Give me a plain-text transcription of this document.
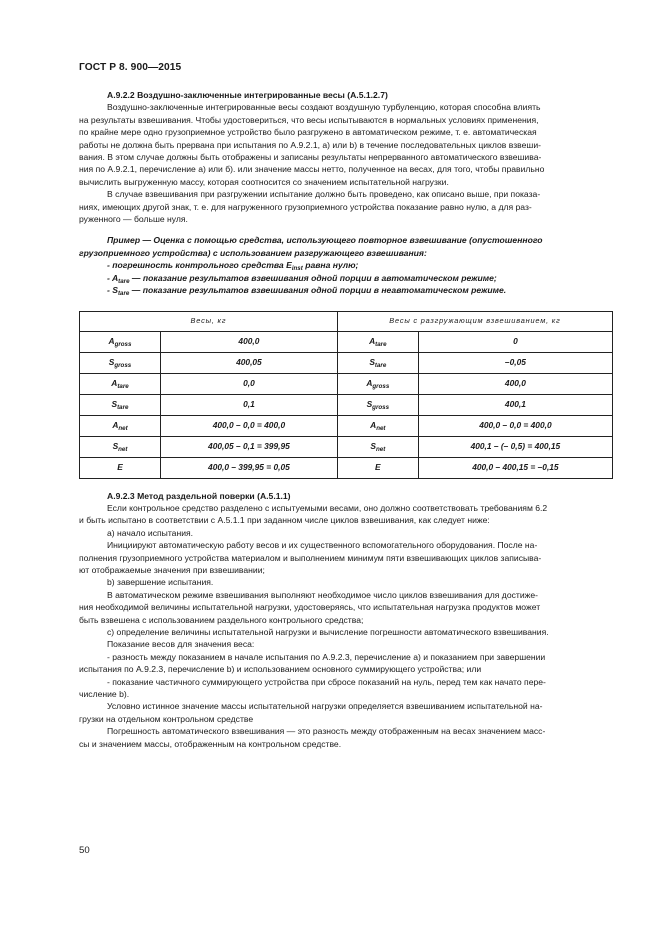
ГОСТ Р 8. 900—2015

А.9.2.2 Воздушно-заключенные интегрированные весы (А.5.1.2.7)

Воздушно-заключенные интегрированные весы создают воздушную турбуленцию, которая способна влиять

на результаты взвешивания. Чтобы удостовериться, что весы испытываются в нормальных условиях применения,

по крайне мере одно грузоприемное устройство было разгружено в автоматическом режиме, т. е. автоматическая

работы не должна быть прервана при испытания по А.9.2.1, а) или b) в течение последовательных циклов взвеши-

вания. В этом случае должны быть отображены и записаны результаты непрерванного автоматического взвешива-

ния по А.9.2.1, перечисление а) или б). или значение массы нетто, полученное на весах, для того, чтобы правильно

вычислить выгруженную массу, которая соотносится со значением испытательной нагрузки.

В случае взвешивания при разгружении испытание должно быть проведено, как описано выше, при показа-

ниях, имеющих другой знак, т. е. для нагруженного грузоприемного устройства показание равно нулю, а для раз-

руженного — больше нуля.

Пример — Оценка с помощью средства, использующего повторное взвешивание (опустошенного

грузоприемного устройства) с использованием разгружающего взвешивания:

- погрешность контрольного средства $E_{inst}$ равна нулю;

- $A_{tare}$ — показание результатов взвешивания одной порции в автоматическом режиме;

- $S_{tare}$ — показание результатов взвешивания одной порции в неавтоматическом режиме.

Весы, кг		Весы с разгружающим взвешиванием, кг	
$A_{gross}$	400,0	$A_{tare}$	0
$S_{gross}$	400,05	$S_{tare}$	–0,05
$A_{tare}$	0,0	$A_{gross}$	400,0
$S_{tare}$	0,1	$S_{gross}$	400,1
$A_{net}$	400,0 – 0,0 = 400,0	$A_{net}$	400,0 – 0,0 = 400,0
$S_{net}$	400,05 – 0,1 = 399,95	$S_{net}$	400,1 – (– 0,5) = 400,15
E	400,0 – 399,95 = 0,05	E	400,0 – 400,15 = –0,15

А.9.2.3 Метод раздельной поверки (А.5.1.1)

Если контрольное средство разделено с испытуемыми весами, оно должно соответствовать требованиям 6.2

и быть испытано в соответствии с А.5.1.1 при заданном числе циклов взвешивания, как следует ниже:

а) начало испытания.

Инициируют автоматическую работу весов и их существенного вспомогательного оборудования. После на-

полнения грузоприемного устройства материалом и выполнением минимум пяти взвешивающих циклов записыва-

ют отображаемые значения при взвешивании;

b) завершение испытания.

В автоматическом режиме взвешивания выполняют необходимое число циклов взвешивания для достиже-

ния необходимой величины испытательной нагрузки, удостоверяясь, что испытательная нагрузка продуктов может

быть взвешена с использованием раздельного контрольного средства;

с) определение величины испытательной нагрузки и вычисление погрешности автоматического взвешивания.

Показание весов для значения веса:

- разность между показанием в начале испытания по А.9.2.3, перечисление а) и показанием при завершении

испытания по А.9.2.3, перечисление b) и использованием основного суммирующего устройства; или

- показание частичного суммирующего устройства при сбросе показаний на нуль, перед тем как начато пере-

числение b).

Условно истинное значение массы испытательной нагрузки определяется взвешиванием испытательной на-

грузки на отдельном контрольном средстве

Погрешность автоматического взвешивания — это разность между отображенным на весах значением масс-

сы и значением массы, отображенным на контрольном средстве.

50
